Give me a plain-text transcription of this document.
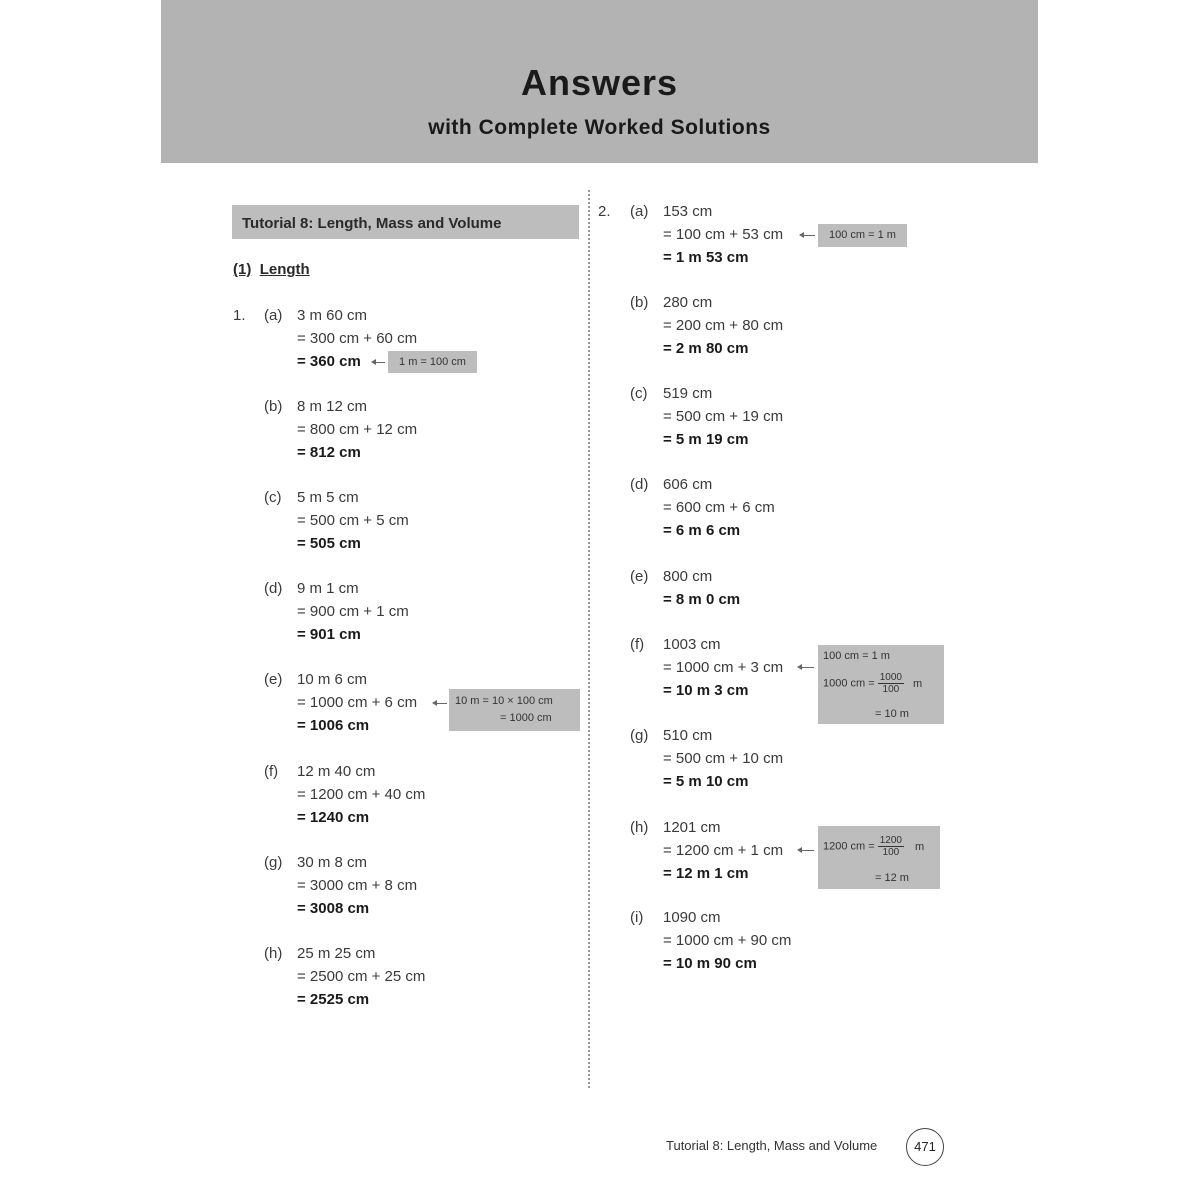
Answers
with Complete Worked Solutions
Tutorial 8: Length, Mass and Volume
(1) Length
1. (a) 3 m 60 cm
= 300 cm + 60 cm
= 360 cm	1 m = 100 cm
(b) 8 m 12 cm
= 800 cm + 12 cm
= 812 cm
(c) 5 m 5 cm
= 500 cm + 5 cm
= 505 cm
(d) 9 m 1 cm
= 900 cm + 1 cm
= 901 cm
(e) 10 m 6 cm
= 1000 cm + 6 cm
= 1006 cm
10 m = 10 × 100 cm
= 1000 cm
(f) 12 m 40 cm
= 1200 cm + 40 cm
= 1240 cm
(g) 30 m 8 cm
= 3000 cm + 8 cm
= 3008 cm
(h) 25 m 25 cm
= 2500 cm + 25 cm
= 2525 cm
2. (a) 153 cm
= 100 cm + 53 cm
= 1 m 53 cm
100 cm = 1 m
(b) 280 cm
= 200 cm + 80 cm
= 2 m 80 cm
(c) 519 cm
= 500 cm + 19 cm
= 5 m 19 cm
(d) 606 cm
= 600 cm + 6 cm
= 6 m 6 cm
(e) 800 cm
= 8 m 0 cm
(f) 1003 cm
= 1000 cm + 3 cm
= 10 m 3 cm
100 cm = 1 m
1000 cm = $\frac{1000}{100}$ m
= 10 m
(g) 510 cm
= 500 cm + 10 cm
= 5 m 10 cm
(h) 1201 cm
= 1200 cm + 1 cm
= 12 m 1 cm
1200 cm = $\frac{1200}{100}$ m
= 12 m
(i) 1090 cm
= 1000 cm + 90 cm
= 10 m 90 cm
Tutorial 8: Length, Mass and Volume	471
